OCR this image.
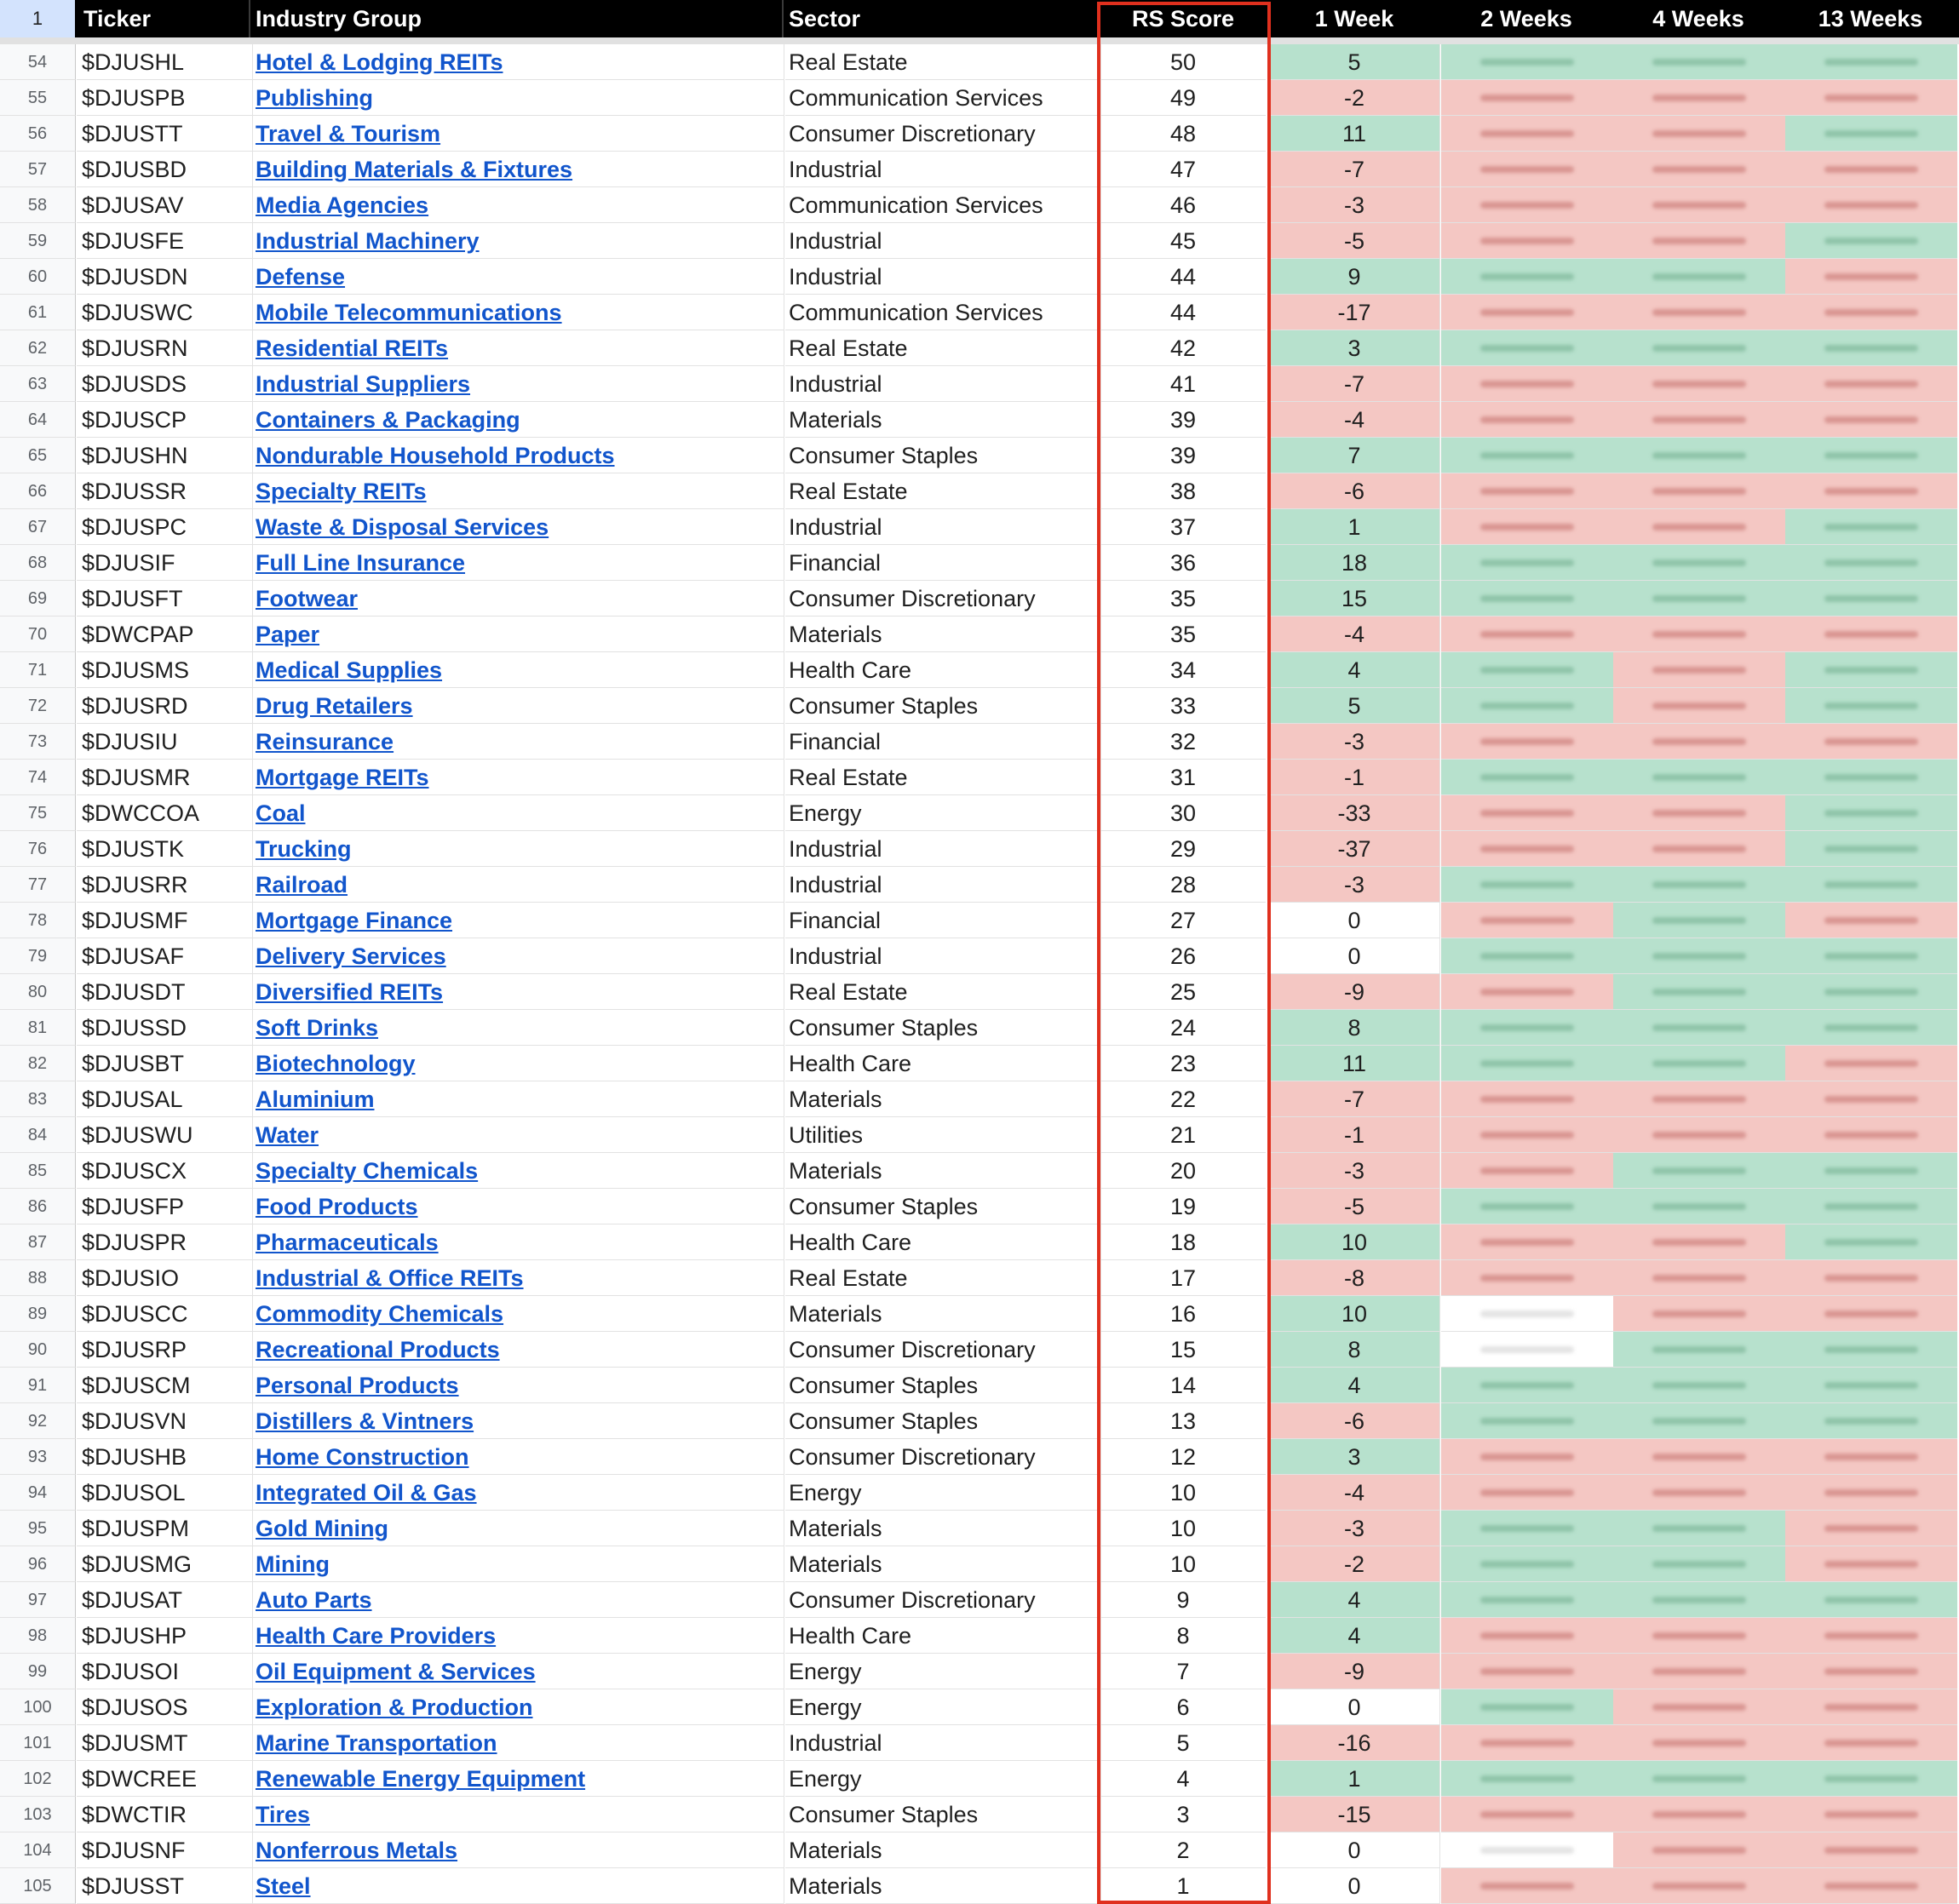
1	Ticker	Industry Group	Sector	RS Score	1 Week	2 Weeks	4 Weeks	13 Weeks
54	$DJUSHL	Hotel & Lodging REITs	Real Estate	50	5
55	$DJUSPB	Publishing	Communication Services	49	-2
56	$DJUSTT	Travel & Tourism	Consumer Discretionary	48	11
57	$DJUSBD	Building Materials & Fixtures	Industrial	47	-7
58	$DJUSAV	Media Agencies	Communication Services	46	-3
59	$DJUSFE	Industrial Machinery	Industrial	45	-5
60	$DJUSDN	Defense	Industrial	44	9
61	$DJUSWC	Mobile Telecommunications	Communication Services	44	-17
62	$DJUSRN	Residential REITs	Real Estate	42	3
63	$DJUSDS	Industrial Suppliers	Industrial	41	-7
64	$DJUSCP	Containers & Packaging	Materials	39	-4
65	$DJUSHN	Nondurable Household Products	Consumer Staples	39	7
66	$DJUSSR	Specialty REITs	Real Estate	38	-6
67	$DJUSPC	Waste & Disposal Services	Industrial	37	1
68	$DJUSIF	Full Line Insurance	Financial	36	18
69	$DJUSFT	Footwear	Consumer Discretionary	35	15
70	$DWCPAP	Paper	Materials	35	-4
71	$DJUSMS	Medical Supplies	Health Care	34	4
72	$DJUSRD	Drug Retailers	Consumer Staples	33	5
73	$DJUSIU	Reinsurance	Financial	32	-3
74	$DJUSMR	Mortgage REITs	Real Estate	31	-1
75	$DWCCOA	Coal	Energy	30	-33
76	$DJUSTK	Trucking	Industrial	29	-37
77	$DJUSRR	Railroad	Industrial	28	-3
78	$DJUSMF	Mortgage Finance	Financial	27	0
79	$DJUSAF	Delivery Services	Industrial	26	0
80	$DJUSDT	Diversified REITs	Real Estate	25	-9
81	$DJUSSD	Soft Drinks	Consumer Staples	24	8
82	$DJUSBT	Biotechnology	Health Care	23	11
83	$DJUSAL	Aluminium	Materials	22	-7
84	$DJUSWU	Water	Utilities	21	-1
85	$DJUSCX	Specialty Chemicals	Materials	20	-3
86	$DJUSFP	Food Products	Consumer Staples	19	-5
87	$DJUSPR	Pharmaceuticals	Health Care	18	10
88	$DJUSIO	Industrial & Office REITs	Real Estate	17	-8
89	$DJUSCC	Commodity Chemicals	Materials	16	10
90	$DJUSRP	Recreational Products	Consumer Discretionary	15	8
91	$DJUSCM	Personal Products	Consumer Staples	14	4
92	$DJUSVN	Distillers & Vintners	Consumer Staples	13	-6
93	$DJUSHB	Home Construction	Consumer Discretionary	12	3
94	$DJUSOL	Integrated Oil & Gas	Energy	10	-4
95	$DJUSPM	Gold Mining	Materials	10	-3
96	$DJUSMG	Mining	Materials	10	-2
97	$DJUSAT	Auto Parts	Consumer Discretionary	9	4
98	$DJUSHP	Health Care Providers	Health Care	8	4
99	$DJUSOI	Oil Equipment & Services	Energy	7	-9
100	$DJUSOS	Exploration & Production	Energy	6	0
101	$DJUSMT	Marine Transportation	Industrial	5	-16
102	$DWCREE	Renewable Energy Equipment	Energy	4	1
103	$DWCTIR	Tires	Consumer Staples	3	-15
104	$DJUSNF	Nonferrous Metals	Materials	2	0
105	$DJUSST	Steel	Materials	1	0
